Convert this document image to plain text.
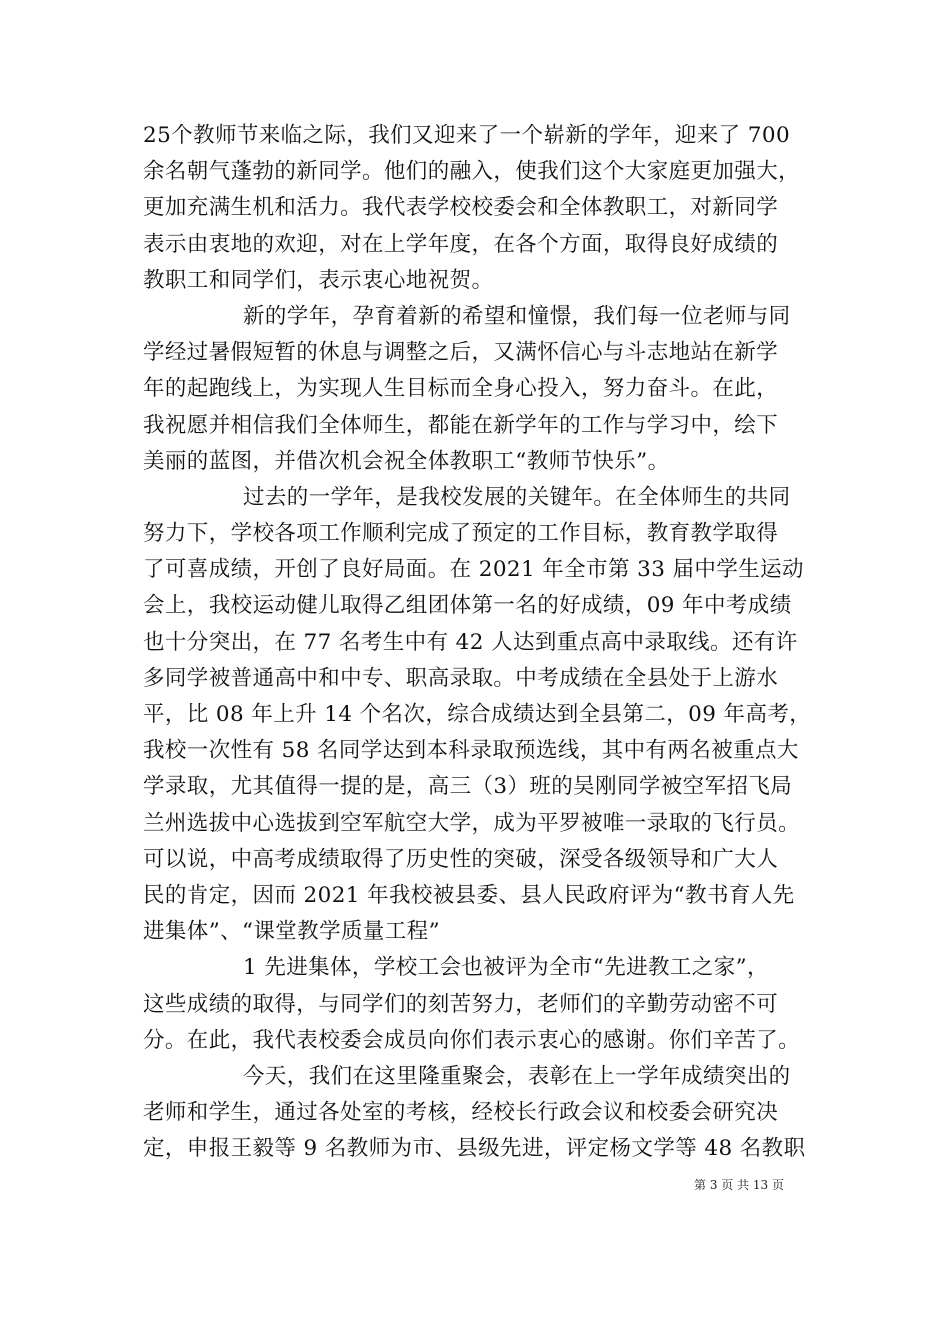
25个教师节来临之际，我们又迎来了一个崭新的学年，迎来了 700
余名朝气蓬勃的新同学。他们的融入，使我们这个大家庭更加强大，
更加充满生机和活力。我代表学校校委会和全体教职工，对新同学
表示由衷地的欢迎，对在上学年度，在各个方面，取得良好成绩的
教职工和同学们，表示衷心地祝贺。
新的学年，孕育着新的希望和憧憬，我们每一位老师与同
学经过暑假短暂的休息与调整之后，又满怀信心与斗志地站在新学
年的起跑线上，为实现人生目标而全身心投入，努力奋斗。在此，
我祝愿并相信我们全体师生，都能在新学年的工作与学习中，绘下
美丽的蓝图，并借次机会祝全体教职工“教师节快乐”。
过去的一学年，是我校发展的关键年。在全体师生的共同
努力下，学校各项工作顺利完成了预定的工作目标，教育教学取得
了可喜成绩，开创了良好局面。在 2021 年全市第 33 届中学生运动
会上，我校运动健儿取得乙组团体第一名的好成绩，09 年中考成绩
也十分突出，在 77 名考生中有 42 人达到重点高中录取线。还有许
多同学被普通高中和中专、职高录取。中考成绩在全县处于上游水
平，比 08 年上升 14 个名次，综合成绩达到全县第二，09 年高考，
我校一次性有 58 名同学达到本科录取预选线，其中有两名被重点大
学录取，尤其值得一提的是，高三（3）班的吴刚同学被空军招飞局
兰州选拔中心选拔到空军航空大学，成为平罗被唯一录取的飞行员。
可以说，中高考成绩取得了历史性的突破，深受各级领导和广大人
民的肯定，因而 2021 年我校被县委、县人民政府评为“教书育人先
进集体”、“课堂教学质量工程”
1 先进集体，学校工会也被评为全市“先进教工之家”，
这些成绩的取得，与同学们的刻苦努力，老师们的辛勤劳动密不可
分。在此，我代表校委会成员向你们表示衷心的感谢。你们辛苦了。
今天，我们在这里隆重聚会，表彰在上一学年成绩突出的
老师和学生，通过各处室的考核，经校长行政会议和校委会研究决
定，申报王毅等 9 名教师为市、县级先进，评定杨文学等 48 名教职
第 3 页 共 13 页
